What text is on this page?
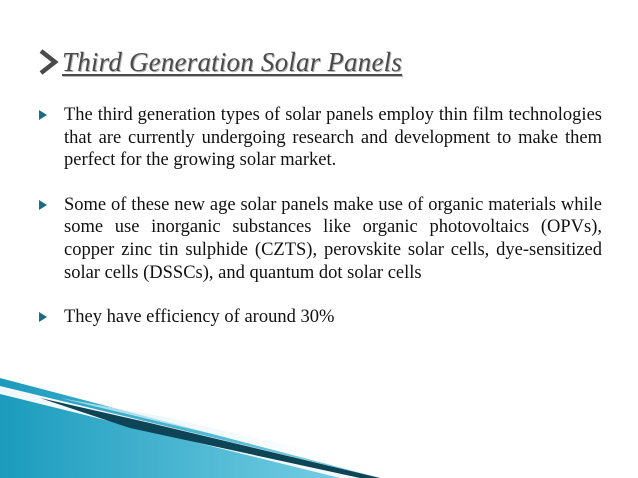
Third Generation Solar Panels
The third generation types of solar panels employ thin film technologies that are currently undergoing research and development to make them perfect for the growing solar market.
Some of these new age solar panels make use of organic materials while some use inorganic substances like organic photovoltaics (OPVs), copper zinc tin sulphide (CZTS), perovskite solar cells, dye-sensitized solar cells (DSSCs), and quantum dot solar cells
They have efficiency of around 30%
